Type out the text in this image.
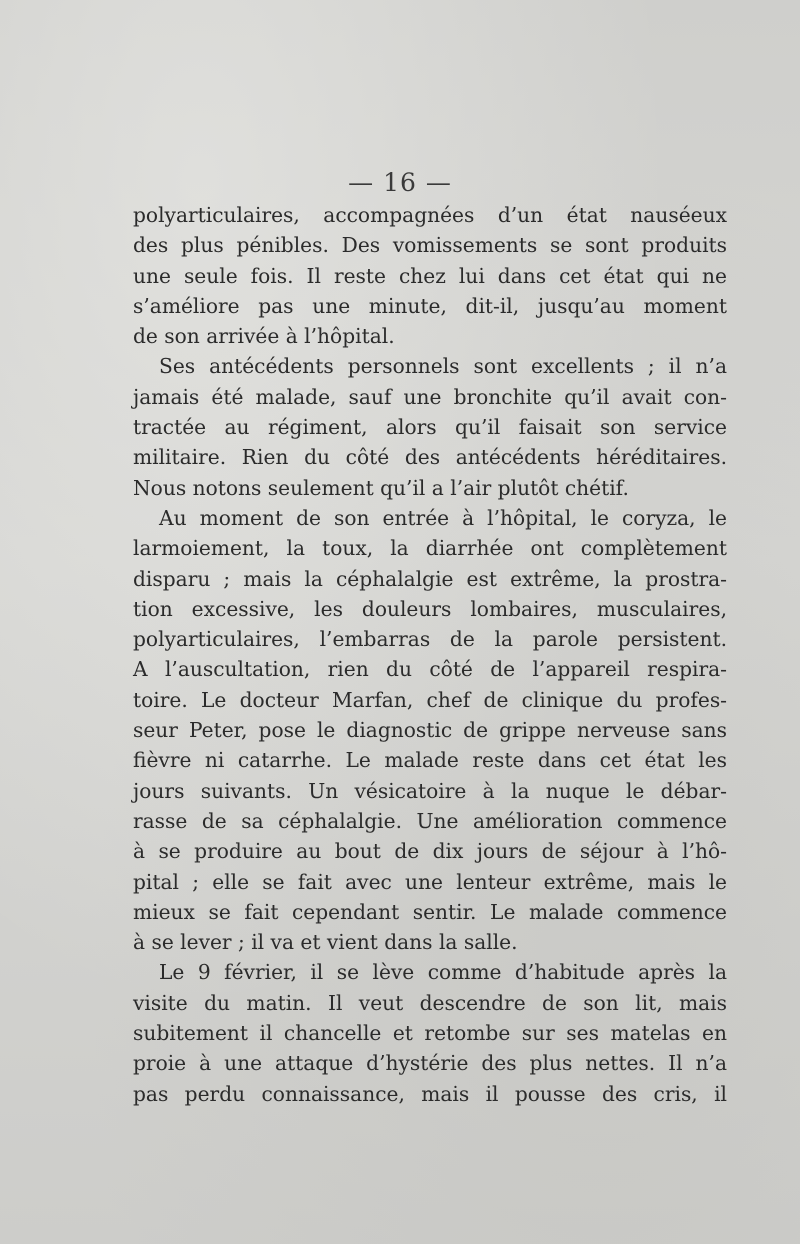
— 16 —
polyarticulaires, accompagnées d’un état nauséeux
des plus pénibles. Des vomissements se sont produits
une seule fois. Il reste chez lui dans cet état qui ne
s’améliore pas une minute, dit-il, jusqu’au moment
de son arrivée à l’hôpital.
Ses antécédents personnels sont excellents ; il n’a
jamais été malade, sauf une bronchite qu’il avait con-
tractée au régiment, alors qu’il faisait son service
militaire. Rien du côté des antécédents héréditaires.
Nous notons seulement qu’il a l’air plutôt chétif.
Au moment de son entrée à l’hôpital, le coryza, le
larmoiement, la toux, la diarrhée ont complètement
disparu ; mais la céphalalgie est extrême, la prostra-
tion excessive, les douleurs lombaires, musculaires,
polyarticulaires, l’embarras de la parole persistent.
A l’auscultation, rien du côté de l’appareil respira-
toire. Le docteur Marfan, chef de clinique du profes-
seur Peter, pose le diagnostic de grippe nerveuse sans
fièvre ni catarrhe. Le malade reste dans cet état les
jours suivants. Un vésicatoire à la nuque le débar-
rasse de sa céphalalgie. Une amélioration commence
à se produire au bout de dix jours de séjour à l’hô-
pital ; elle se fait avec une lenteur extrême, mais le
mieux se fait cependant sentir. Le malade commence
à se lever ; il va et vient dans la salle.
Le 9 février, il se lève comme d’habitude après la
visite du matin. Il veut descendre de son lit, mais
subitement il chancelle et retombe sur ses matelas en
proie à une attaque d’hystérie des plus nettes. Il n’a
pas perdu connaissance, mais il pousse des cris, il
